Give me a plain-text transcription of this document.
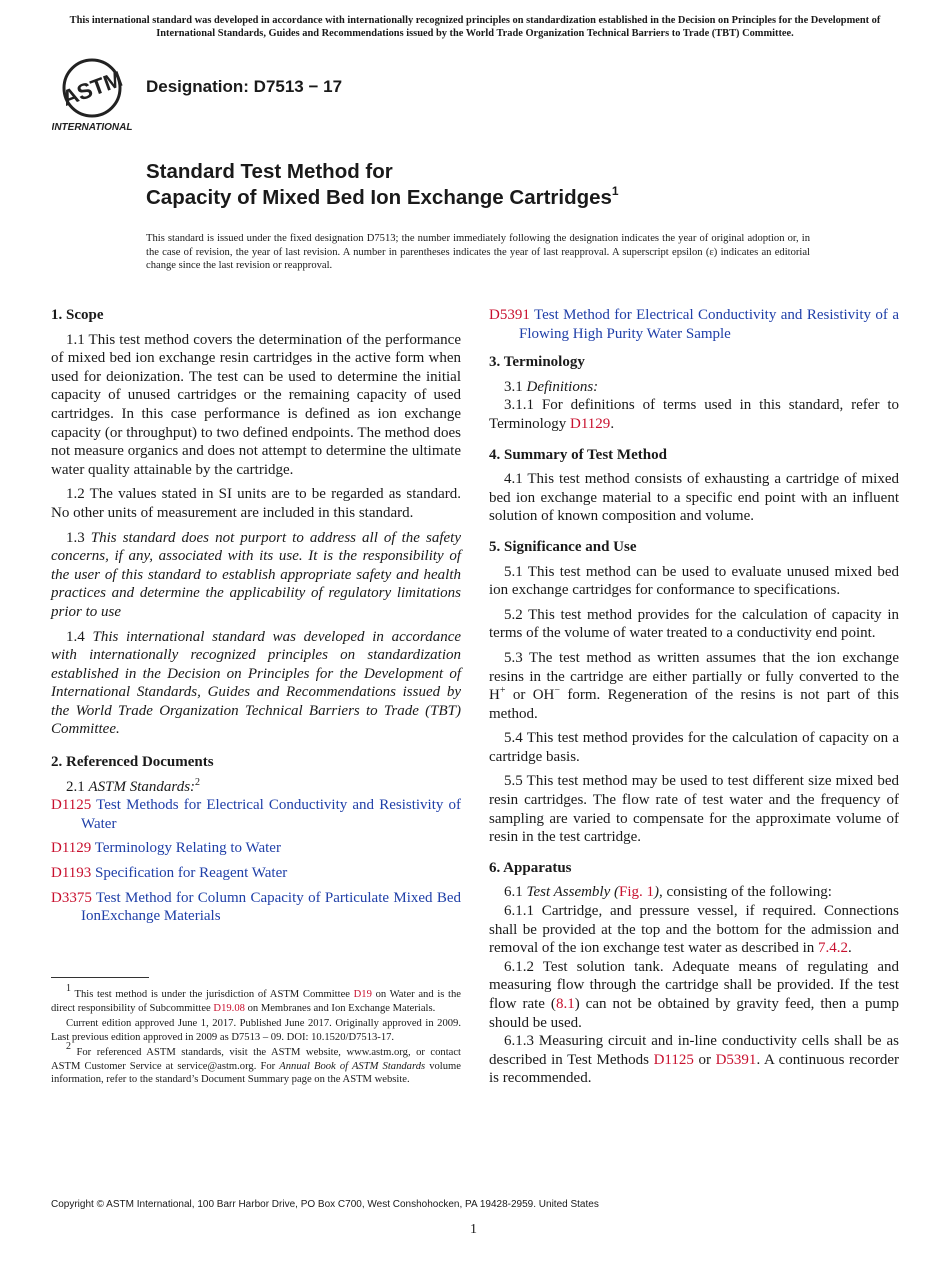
This international standard was developed in accordance with internationally recognized principles on standardization established in the Decision on Principles for the Development of International Standards, Guides and Recommendations issued by the World Trade Organization Technical Barriers to Trade (TBT) Committee.
ASTM
INTERNATIONAL
Designation: D7513 − 17
Standard Test Method for
Capacity of Mixed Bed Ion Exchange Cartridges$^1$
This standard is issued under the fixed designation D7513; the number immediately following the designation indicates the year of original adoption or, in the case of revision, the year of last revision. A number in parentheses indicates the year of last reapproval. A superscript epsilon (ε) indicates an editorial change since the last revision or reapproval.
1. Scope

1.1 This test method covers the determination of the performance of mixed bed ion exchange resin cartridges in the active form when used for deionization. The test can be used to determine the initial capacity of unused cartridges or the remaining capacity of used cartridges. In this case performance is defined as ion exchange capacity (or throughput) to two defined endpoints. The method does not measure organics and does not attempt to determine the ultimate water quality attainable by the cartridge.

1.2 The values stated in SI units are to be regarded as standard. No other units of measurement are included in this standard.

1.3 This standard does not purport to address all of the safety concerns, if any, associated with its use. It is the responsibility of the user of this standard to establish appropriate safety and health practices and determine the applicability of regulatory limitations prior to use

1.4 This international standard was developed in accordance with internationally recognized principles on standardization established in the Decision on Principles for the Development of International Standards, Guides and Recommendations issued by the World Trade Organization Technical Barriers to Trade (TBT) Committee.

2. Referenced Documents

2.1 ASTM Standards:$^2$

D1125 Test Methods for Electrical Conductivity and Resistivity of Water

D1129 Terminology Relating to Water

D1193 Specification for Reagent Water

D3375 Test Method for Column Capacity of Particulate Mixed Bed IonExchange Materials

$^1$ This test method is under the jurisdiction of ASTM Committee D19 on Water and is the direct responsibility of Subcommittee D19.08 on Membranes and Ion Exchange Materials.

Current edition approved June 1, 2017. Published June 2017. Originally approved in 2009. Last previous edition approved in 2009 as D7513 – 09. DOI: 10.1520/D7513-17.

$^2$ For referenced ASTM standards, visit the ASTM website, www.astm.org, or contact ASTM Customer Service at service@astm.org. For Annual Book of ASTM Standards volume information, refer to the standard’s Document Summary page on the ASTM website.

D5391 Test Method for Electrical Conductivity and Resistivity of a Flowing High Purity Water Sample

3. Terminology

3.1 Definitions:

3.1.1 For definitions of terms used in this standard, refer to Terminology D1129.

4. Summary of Test Method

4.1 This test method consists of exhausting a cartridge of mixed bed ion exchange material to a specific end point with an influent solution of known composition and volume.

5. Significance and Use

5.1 This test method can be used to evaluate unused mixed bed ion exchange cartridges for conformance to specifications.

5.2 This test method provides for the calculation of capacity in terms of the volume of water treated to a conductivity end point.

5.3 The test method as written assumes that the ion exchange resins in the cartridge are either partially or fully converted to the H+ or OH− form. Regeneration of the resins is not part of this method.

5.4 This test method provides for the calculation of capacity on a cartridge basis.

5.5 This test method may be used to test different size mixed bed resin cartridges. The flow rate of test water and the frequency of sampling are varied to compensate for the approximate volume of resin in the test cartridge.

6. Apparatus

6.1 Test Assembly (Fig. 1), consisting of the following:

6.1.1 Cartridge, and pressure vessel, if required. Connections shall be provided at the top and the bottom for the admission and removal of the ion exchange test water as described in 7.4.2.

6.1.2 Test solution tank. Adequate means of regulating and measuring flow through the cartridge shall be provided. If the test flow rate (8.1) can not be obtained by gravity feed, then a pump should be used.

6.1.3 Measuring circuit and in-line conductivity cells shall be as described in Test Methods D1125 or D5391. A continuous recorder is recommended.

Copyright © ASTM International, 100 Barr Harbor Drive, PO Box C700, West Conshohocken, PA 19428-2959. United States
1
